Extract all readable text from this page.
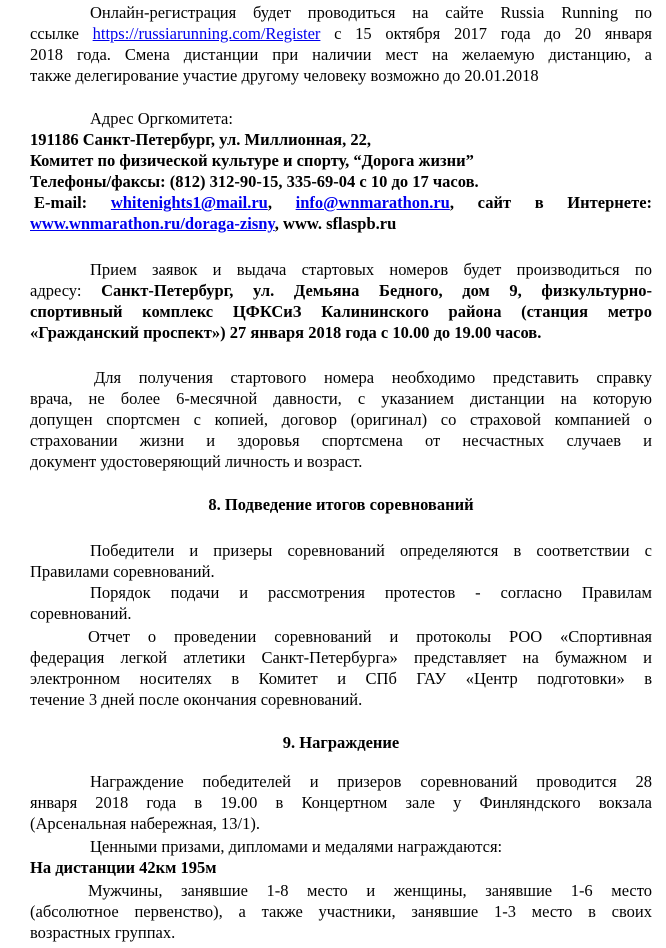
Онлайн-регистрация будет проводиться на сайте Russia Running по
ссылке https://russiarunning.com/Register с 15 октября 2017 года до 20 января
2018 года. Смена дистанции при наличии мест на желаемую дистанцию, а
также делегирование участие другому человеку возможно до 20.01.2018
Адрес Оргкомитета:
191186 Санкт-Петербург, ул. Миллионная, 22,
Комитет по физической культуре и спорту, “Дорога жизни”
Телефоны/факсы: (812) 312-90-15, 335-69-04 с 10 до 17 часов.
E-mail: whitenights1@mail.ru, info@wnmarathon.ru, сайт в Интернете:
www.wnmarathon.ru/doraga-zisny, www. sflaspb.ru
Прием заявок и выдача стартовых номеров будет производиться по
адресу: Санкт-Петербург, ул. Демьяна Бедного, дом 9, физкультурно-
спортивный комплекс ЦФКСиЗ Калининского района (станция метро
«Гражданский проспект») 27 января 2018 года с 10.00 до 19.00 часов.
Для получения стартового номера необходимо представить справку
врача, не более 6-месячной давности, с указанием дистанции на которую
допущен спортсмен с копией, договор (оригинал) со страховой компанией о
страховании жизни и здоровья спортсмена от несчастных случаев и
документ удостоверяющий личность и возраст.
8. Подведение итогов соревнований
Победители и призеры соревнований определяются в соответствии с
Правилами соревнований.
Порядок подачи и рассмотрения протестов - согласно Правилам
соревнований.
Отчет о проведении соревнований и протоколы РОО «Спортивная
федерация легкой атлетики Санкт-Петербурга» представляет на бумажном и
электронном носителях в Комитет и СПб ГАУ «Центр подготовки» в
течение 3 дней после окончания соревнований.
9. Награждение
Награждение победителей и призеров соревнований проводится 28
января 2018 года в 19.00 в Концертном зале у Финляндского вокзала
(Арсенальная набережная, 13/1).
Ценными призами, дипломами и медалями награждаются:
На дистанции 42км 195м
Мужчины, занявшие 1-8 место и женщины, занявшие 1-6 место
(абсолютное первенство), а также участники, занявшие 1-3 место в своих
возрастных группах.
